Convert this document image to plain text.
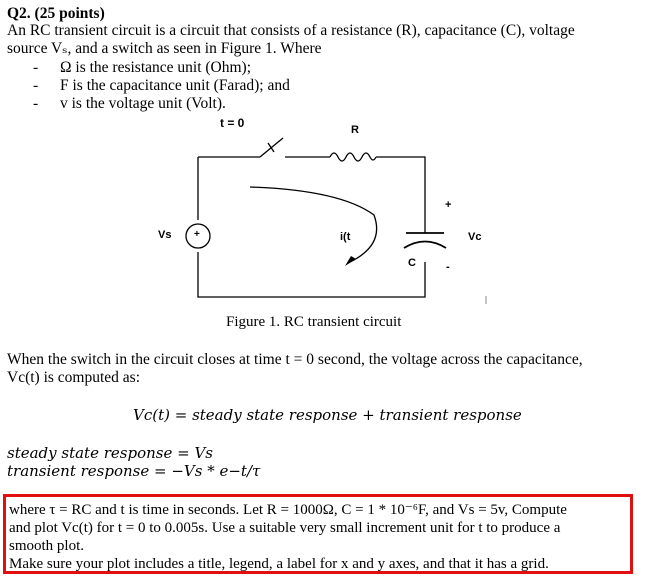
Q2. (25 points)
An RC transient circuit is a circuit that consists of a resistance (R), capacitance (C), voltage
source Vₛ, and a switch as seen in Figure 1. Where
- Ω is the resistance unit (Ohm);
- F is the capacitance unit (Farad); and
- v is the voltage unit (Volt).
t = 0	R
Vs +	i(t
C
+
-
Vc
Figure 1. RC transient circuit
When the switch in the circuit closes at time t = 0 second, the voltage across the capacitance,
Vc(t) is computed as:
Vc(t) = steady state response + transient response
steady state response = Vs
transient response = −Vs * e−t/τ
where τ = RC and t is time in seconds. Let R = 1000Ω, C = 1 * 10⁻⁶F, and Vs = 5v, Compute
and plot Vc(t) for t = 0 to 0.005s. Use a suitable very small increment unit for t to produce a
smooth plot.
Make sure your plot includes a title, legend, a label for x and y axes, and that it has a grid.
